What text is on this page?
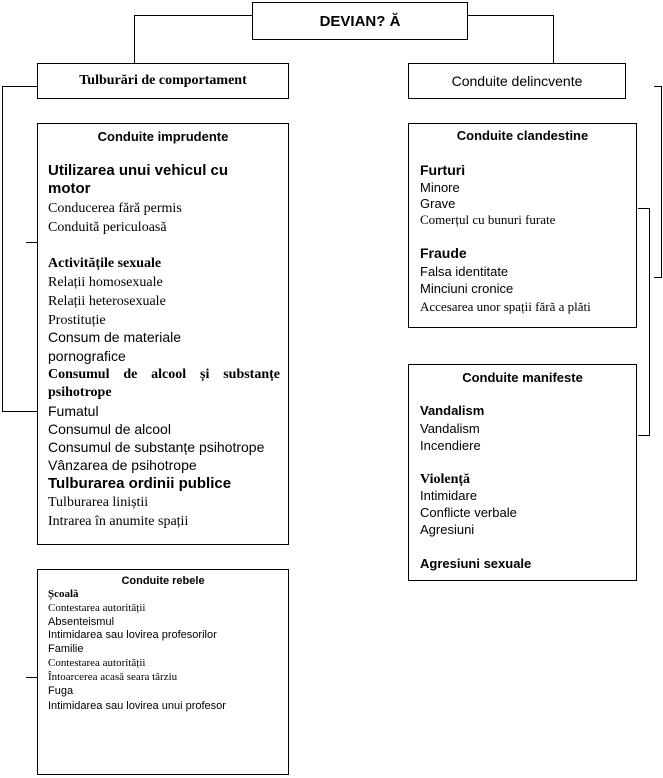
DEVIAN? Ă
Tulburări de comportament	Conduite delincvente
Conduite imprudente
Utilizarea unui vehicul cu
motor
Conducerea fără permis
Conduită periculoasă
Activitățile sexuale
Relații homosexuale
Relații heterosexuale
Prostituție
Consum de materiale
pornografice
Consumul de alcool și substanțe
psihotrope
Fumatul
Consumul de alcool
Consumul de substanțe psihotrope
Vânzarea de psihotrope
Tulburarea ordinii publice
Tulburarea liniștii
Intrarea în anumite spații
Conduite rebele
Școală
Contestarea autorității
Absenteismul
Intimidarea sau lovirea profesorilor
Familie
Contestarea autorității
Întoarcerea acasă seara târziu
Fuga
Intimidarea sau lovirea unui profesor
Conduite clandestine
Furturi
Minore
Grave
Comerțul cu bunuri furate
Fraude
Falsa identitate
Minciuni cronice
Accesarea unor spații fără a plăti
Conduite manifeste
Vandalism
Vandalism
Incendiere
Violență
Intimidare
Conflicte verbale
Agresiuni
Agresiuni sexuale
